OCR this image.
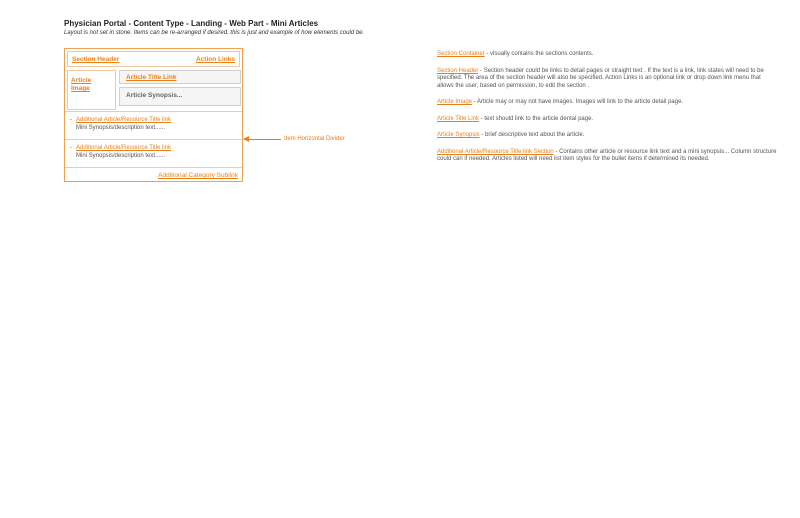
Physician Portal - Content Type - Landing - Web Part - Mini Articles
Layout is not set in stone. Items can be re-arranged if desired. this is just and example of how elements could be.
Section Header	Action Links
Article
Image
Article Title Link
Article Synopsis...
- Additional Article/Resource Title link
Mini Synopsis/description text......
- Additional Article/Resource Title link
Mini Synopsis/description text......
Additional Category Sublink
Item Horizontal Divider

Section Container - visually contains the sections contents.

Section Header - Section header could be links to detail pages or straight text . If the text is a link, link states will need to be specified. The area of the section header will also be specified. Action Links is an optional link or drop down link menu that allows the user, based on permission, to edit the section .

Article Image - Article may or may not have images. Images will link to the article detail page.

Article Title Link - text should link to the article dental page.

Article Synopsis - brief descriptive text about the article.

Additional Article/Resource Title link Section - Contains other article or resource link text and a mini synopsis... Column structure could can if needed. Articles listed will need list item styles for the bullet items if determined its needed.
